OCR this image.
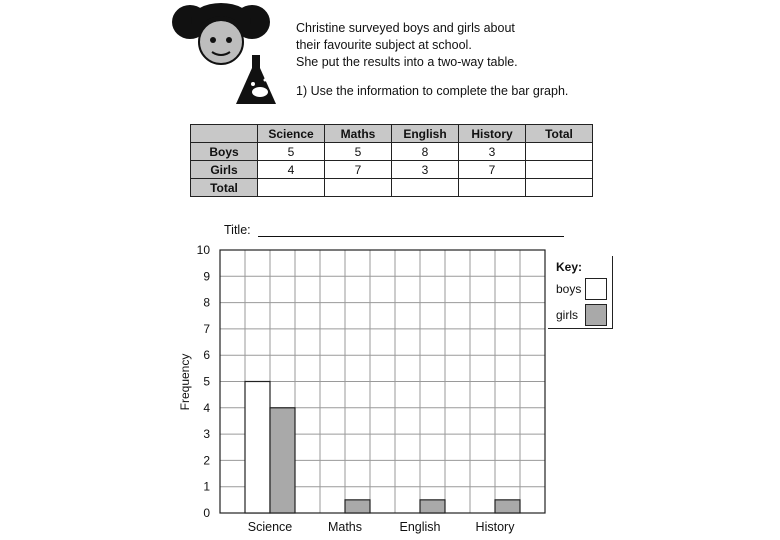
Christine surveyed boys and girls about
their favourite subject at school.
She put the results into a two-way table.
1) Use the information to complete the bar graph.
	Science	Maths	English	History	Total
Boys	5	5	8	3	
Girls	4	7	3	7	
Total					
Title:
0
1
2
3
4
5
6
7
8
9
10
Science	Maths	English	History
Frequency
Key:
boys
girls
